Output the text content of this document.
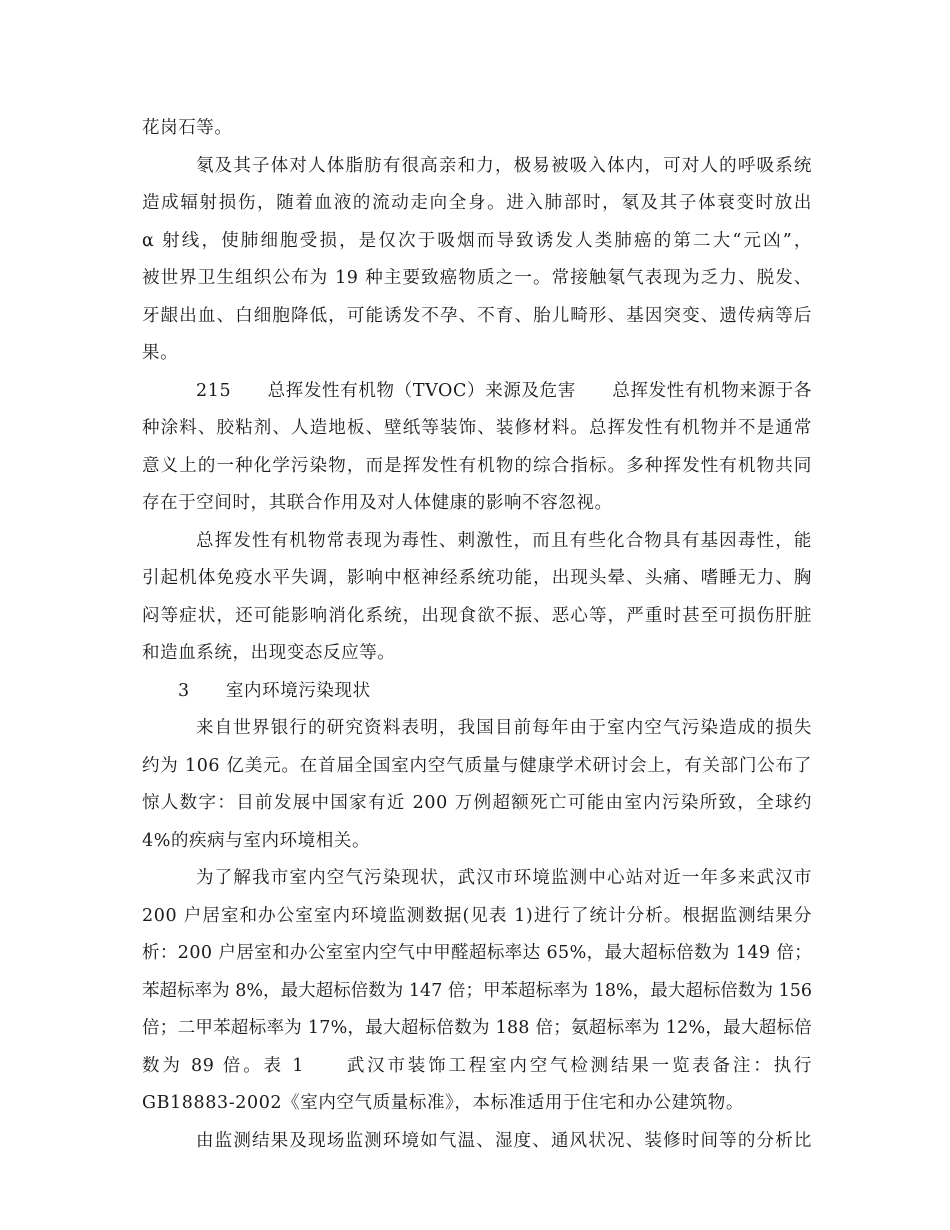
花岗石等。
氡及其子体对人体脂肪有很高亲和力，极易被吸入体内，可对人的呼吸系统
造成辐射损伤，随着血液的流动走向全身。进入肺部时，氡及其子体衰变时放出
α 射线，使肺细胞受损，是仅次于吸烟而导致诱发人类肺癌的第二大“元凶”，
被世界卫生组织公布为 19 种主要致癌物质之一。常接触氡气表现为乏力、脱发、
牙龈出血、白细胞降低，可能诱发不孕、不育、胎儿畸形、基因突变、遗传病等后
果。
215　　总挥发性有机物（TVOC）来源及危害　　总挥发性有机物来源于各
种涂料、胶粘剂、人造地板、壁纸等装饰、装修材料。总挥发性有机物并不是通常
意义上的一种化学污染物，而是挥发性有机物的综合指标。多种挥发性有机物共同
存在于空间时，其联合作用及对人体健康的影响不容忽视。
总挥发性有机物常表现为毒性、刺激性，而且有些化合物具有基因毒性，能
引起机体免疫水平失调，影响中枢神经系统功能，出现头晕、头痛、嗜睡无力、胸
闷等症状，还可能影响消化系统，出现食欲不振、恶心等，严重时甚至可损伤肝脏
和造血系统，出现变态反应等。
3　　室内环境污染现状
来自世界银行的研究资料表明，我国目前每年由于室内空气污染造成的损失
约为 106 亿美元。在首届全国室内空气质量与健康学术研讨会上，有关部门公布了
惊人数字：目前发展中国家有近 200 万例超额死亡可能由室内污染所致，全球约
4%的疾病与室内环境相关。
为了解我市室内空气污染现状，武汉市环境监测中心站对近一年多来武汉市
200 户居室和办公室室内环境监测数据(见表 1)进行了统计分析。根据监测结果分
析：200 户居室和办公室室内空气中甲醛超标率达 65%，最大超标倍数为 149 倍；
苯超标率为 8%，最大超标倍数为 147 倍；甲苯超标率为 18%，最大超标倍数为 156
倍；二甲苯超标率为 17%，最大超标倍数为 188 倍；氨超标率为 12%，最大超标倍
数为 89 倍。表 1　　武汉市装饰工程室内空气检测结果一览表备注：执行
GB18883-2002《室内空气质量标准》，本标准适用于住宅和办公建筑物。
由监测结果及现场监测环境如气温、湿度、通风状况、装修时间等的分析比
